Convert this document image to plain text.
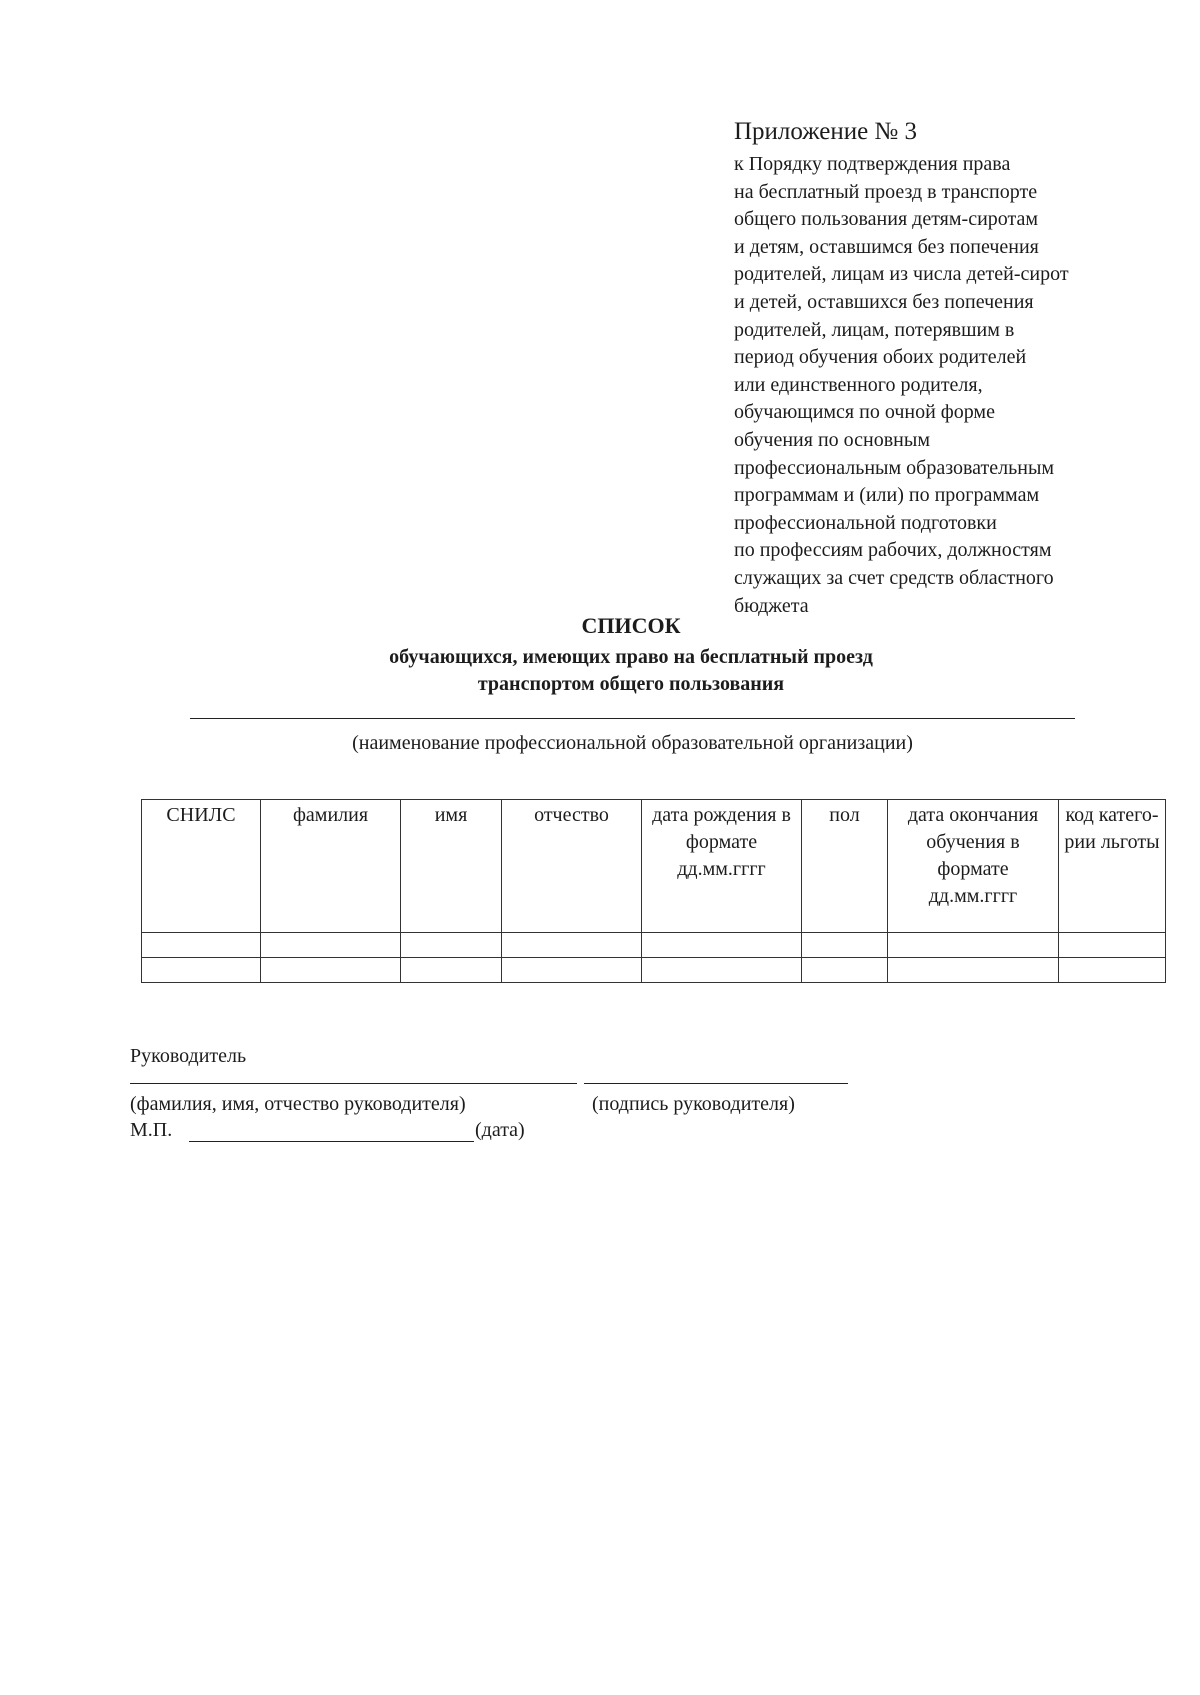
Приложение № 3
к Порядку подтверждения права
на бесплатный проезд в транспорте
общего пользования детям-сиротам
и детям, оставшимся без попечения
родителей, лицам из числа детей-сирот
и детей, оставшихся без попечения
родителей, лицам, потерявшим в
период обучения обоих родителей
или единственного родителя,
обучающимся по очной форме
обучения по основным
профессиональным образовательным
программам и (или) по программам
профессиональной подготовки
по профессиям рабочих, должностям
служащих за счет средств областного
бюджета
СПИСОК
обучающихся, имеющих право на бесплатный проезд
транспортом общего пользования
(наименование профессиональной образовательной организации)
СНИЛС	фамилия	имя	отчество	дата рождения в формате дд.мм.гггг	пол	дата окончания обучения в формате дд.мм.гггг	код катего-рии льготы

Руководитель
(фамилия, имя, отчество руководителя)	(подпись руководителя)
М.П.	(дата)
